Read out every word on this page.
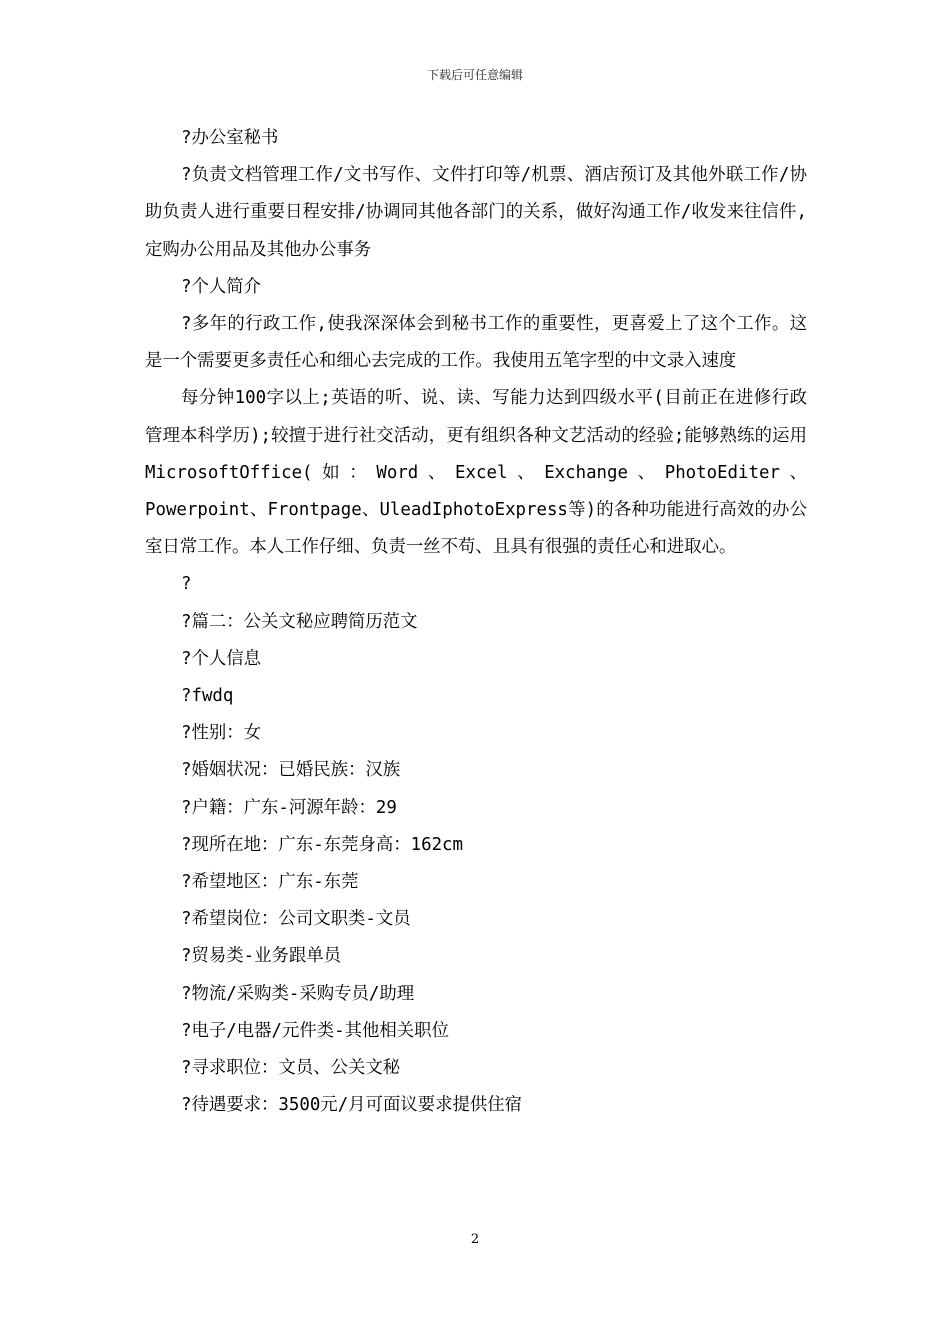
下载后可任意编辑

?办公室秘书

?负责文档管理工作/文书写作、文件打印等/机票、酒店预订及其他外联工作/协助负责人进行重要日程安排/协调同其他各部门的关系，做好沟通工作/收发来往信件,定购办公用品及其他办公事务

?个人简介

?多年的行政工作,使我深深体会到秘书工作的重要性，更喜爱上了这个工作。这是一个需要更多责任心和细心去完成的工作。我使用五笔字型的中文录入速度

每分钟100字以上;英语的听、说、读、写能力达到四级水平(目前正在进修行政管理本科学历);较擅于进行社交活动，更有组织各种文艺活动的经验;能够熟练的运用MicrosoftOffice(如：Word、Excel、Exchange、PhotoEditer、Powerpoint、Frontpage、UleadIphotoExpress等)的各种功能进行高效的办公室日常工作。本人工作仔细、负责一丝不苟、且具有很强的责任心和进取心。

?

?篇二：公关文秘应聘简历范文

?个人信息

?fwdq

?性别：女

?婚姻状况：已婚民族：汉族

?户籍：广东-河源年龄：29

?现所在地：广东-东莞身高：162cm

?希望地区：广东-东莞

?希望岗位：公司文职类-文员

?贸易类-业务跟单员

?物流/采购类-采购专员/助理

?电子/电器/元件类-其他相关职位

?寻求职位：文员、公关文秘

?待遇要求：3500元/月可面议要求提供住宿

2
